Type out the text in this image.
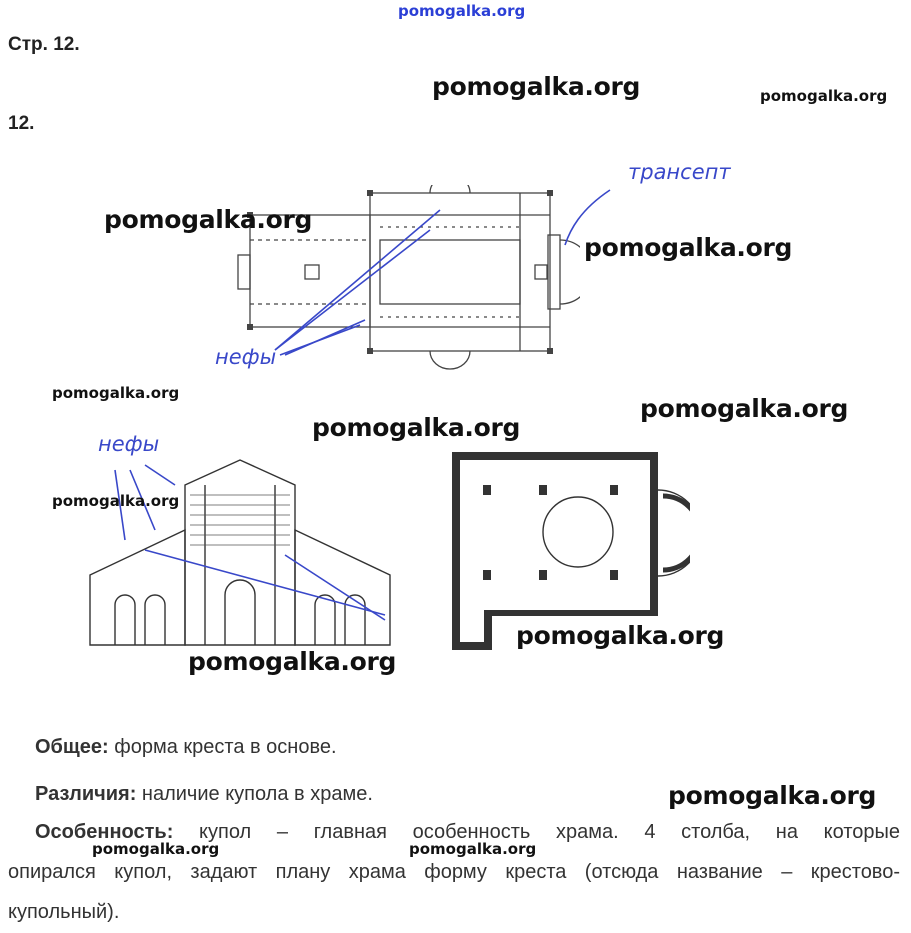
pomogalka.org
Стр. 12.
12.
трансепт
нефы
нефы
pomogalka.org	pomogalka.org
pomogalka.org
pomogalka.org
pomogalka.org
pomogalka.org
pomogalka.org
pomogalka.org
pomogalka.org
pomogalka.org
pomogalka.org
pomogalka.org	pomogalka.org
Общее: форма креста в основе.
Различия: наличие купола в храме.
Особенность: купол – главная особенность храма. 4 столба, на которые
опирался купол, задают плану храма форму креста (отсюда название – крестово-
купольный).
